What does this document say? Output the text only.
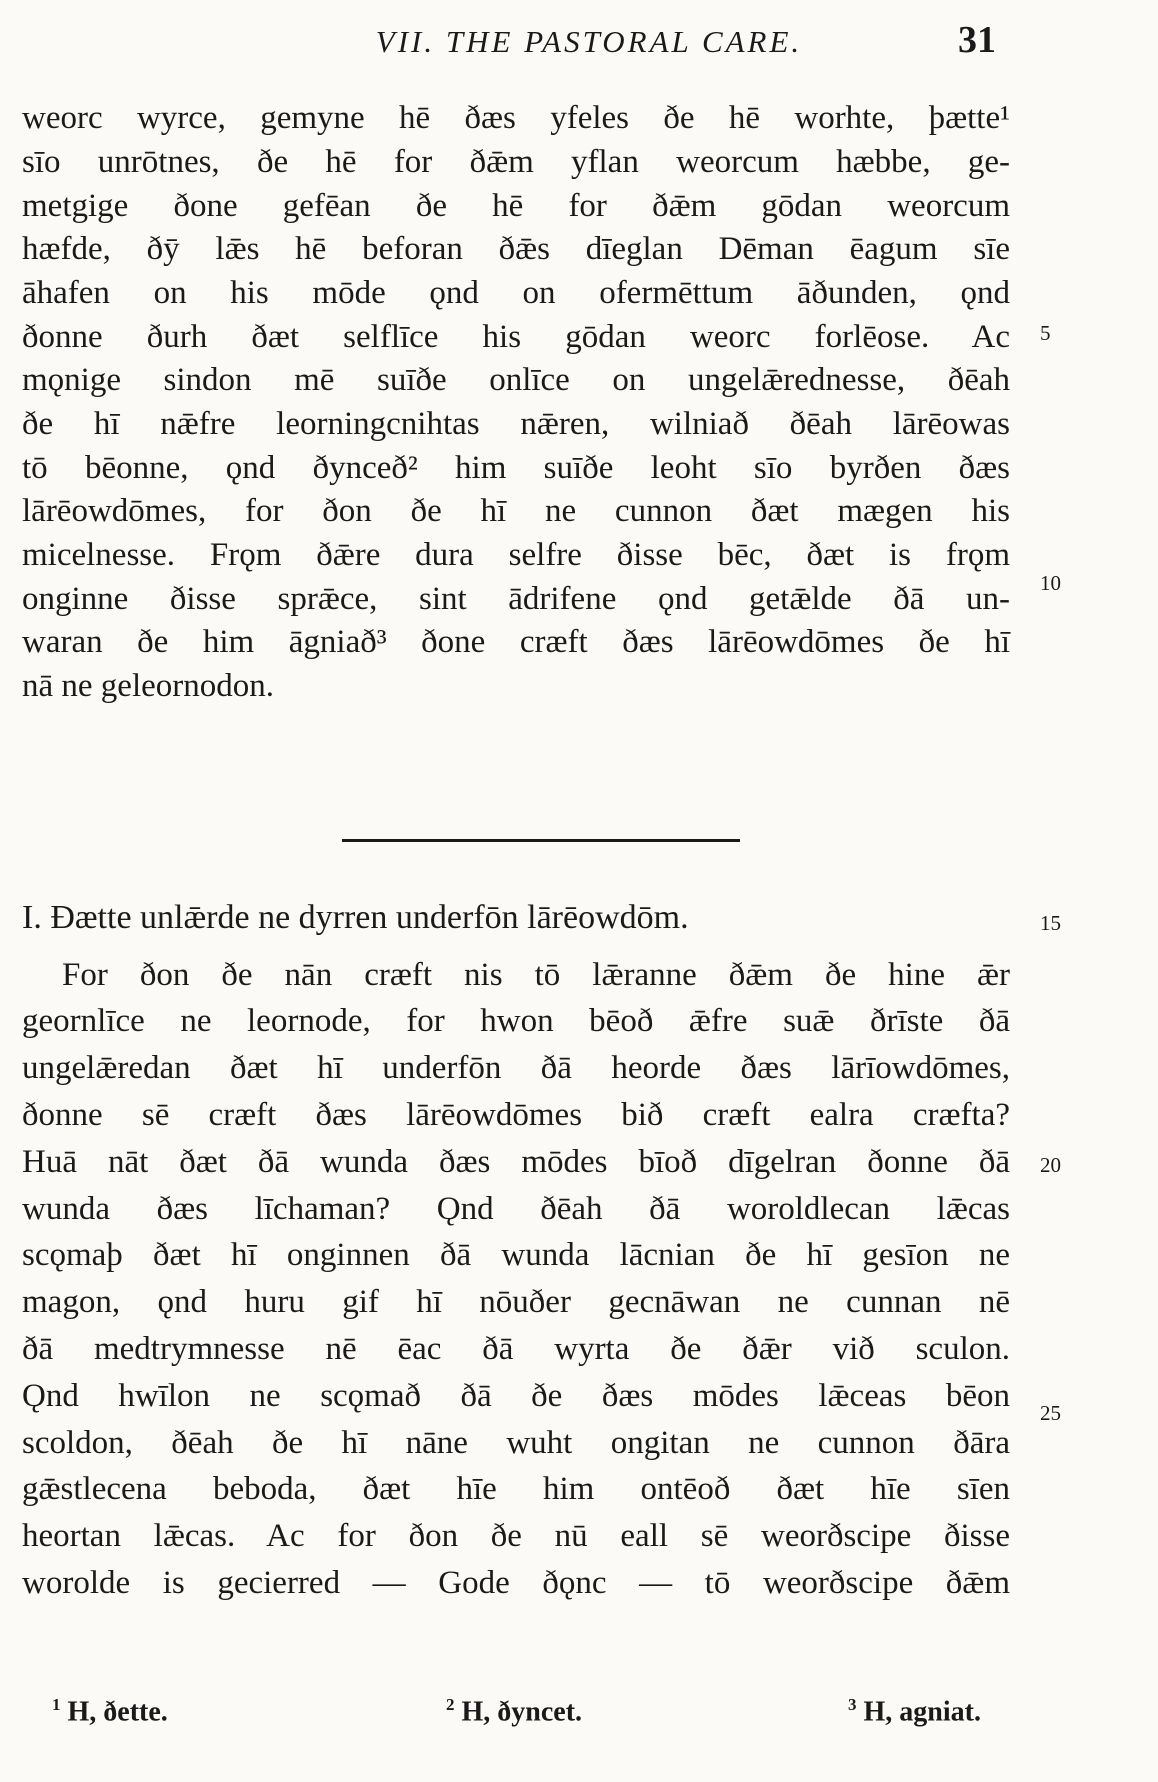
VII. THE PASTORAL CARE.	31
weorc wyrce, gemyne hē ðæs yfeles ðe hē worhte, þætte¹
sīo unrōtnes, ðe hē for ðǣm yflan weorcum hæbbe, ge-
metgige ðone gefēan ðe hē for ðǣm gōdan weorcum
hæfde, ðȳ lǣs hē beforan ðǣs dīeglan Dēman ēagum sīe
āhafen on his mōde ǫnd on ofermēttum āðunden, ǫnd
ðonne ðurh ðæt selflīce his gōdan weorc forlēose. Ac
mǫnige sindon mē suīðe onlīce on ungelǣrednesse, ðēah
ðe hī nǣfre leorningcnihtas nǣren, wilniað ðēah lārēowas
tō bēonne, ǫnd ðynceð² him suīðe leoht sīo byrðen ðæs
lārēowdōmes, for ðon ðe hī ne cunnon ðæt mægen his
micelnesse. Frǫm ðǣre dura selfre ðisse bēc, ðæt is frǫm
onginne ðisse sprǣce, sint ādrifene ǫnd getǣlde ðā un-
waran ðe him āgniað³ ðone cræft ðæs lārēowdōmes ðe hī
nā ne geleornodon.
I. Ðætte unlǣrde ne dyrren underfōn lārēowdōm.
For ðon ðe nān cræft nis tō lǣranne ðǣm ðe hine ǣr
geornlīce ne leornode, for hwon bēoð ǣfre suǣ ðrīste ðā
ungelǣredan ðæt hī underfōn ðā heorde ðæs lārīowdōmes,
ðonne sē cræft ðæs lārēowdōmes bið cræft ealra cræfta?
Huā nāt ðæt ðā wunda ðæs mōdes bīoð dīgelran ðonne ðā
wunda ðæs līchaman? Ǫnd ðēah ðā woroldlecan lǣcas
scǫmaþ ðæt hī onginnen ðā wunda lācnian ðe hī gesīon ne
magon, ǫnd huru gif hī nōuðer gecnāwan ne cunnan nē
ðā medtrymnesse nē ēac ðā wyrta ðe ðǣr við sculon.
Ǫnd hwīlon ne scǫmað ðā ðe ðæs mōdes lǣceas bēon
scoldon, ðēah ðe hī nāne wuht ongitan ne cunnon ðāra
gǣstlecena beboda, ðæt hīe him ontēoð ðæt hīe sīen
heortan lǣcas. Ac for ðon ðe nū eall sē weorðscipe ðisse
worolde is gecierred — Gode ðǫnc — tō weorðscipe ðǣm
5
10
15
20
25
$^1$ H, ðette.	$^2$ H, ðyncet.	$^3$ H, agniat.
